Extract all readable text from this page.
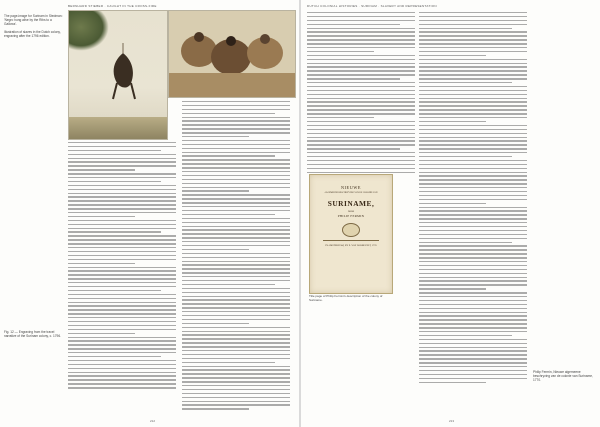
BERNHARD STIEBER · CAUGHT IN THE CROSS-FIRE

The page-image for Surinam in Stedman: 'Negro hung alive by the Ribs to a Gallows'.

Illustration of slaves in the Dutch colony, engraving after the 1796 edition.

Fig. 12 — Engraving from the travel narrative of the Surinam colony, c. 1796.
212
DUTCH COLONIAL HISTORIES · SURINAM · SLAVERY AND REPRESENTATION
NIEUWE
ALGEMEENE BESCHRYVING VAN DE COLONIE VAN
SURINAME,
DOOR
PHILIP FERMIN
IN AMSTERDAM, BY E. VAN HARREVELT, 1770
Title page of Philip Fermin's description of the colony of Suriname.
Philip Fermin, Nieuwe algemeene beschryving van de colonie van Suriname, 1770.
213
